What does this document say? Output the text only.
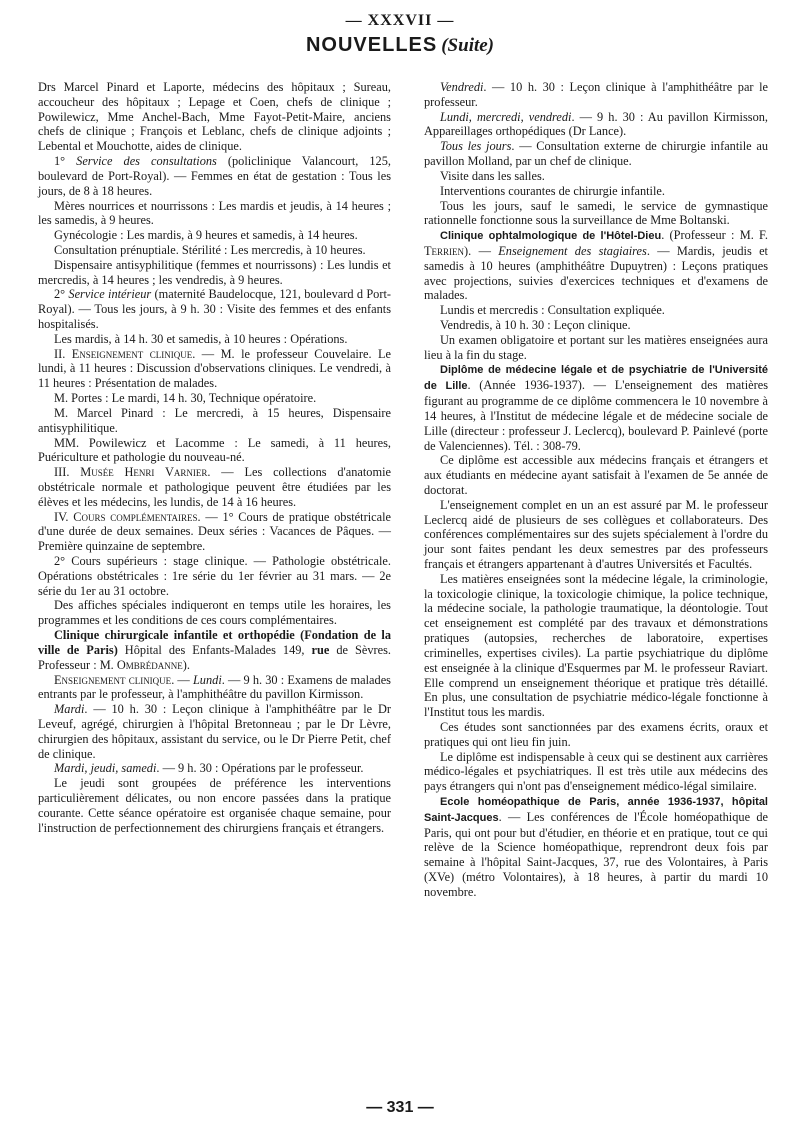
— XXXVII —
NOUVELLES (Suite)

Drs Marcel Pinard et Laporte, médecins des hôpitaux ; Sureau, accoucheur des hôpitaux ; Lepage et Coen, chefs de clinique ; Powilewicz, Mme Anchel-Bach, Mme Fayot-Petit-Maire, anciens chefs de clinique ; François et Leblanc, chefs de clinique adjoints ; Lebental et Mouchotte, aides de clinique.

1° Service des consultations (policlinique Valancourt, 125, boulevard de Port-Royal). — Femmes en état de gestation : Tous les jours, de 8 à 18 heures.

Mères nourrices et nourrissons : Les mardis et jeudis, à 14 heures ; les samedis, à 9 heures.

Gynécologie : Les mardis, à 9 heures et samedis, à 14 heures.

Consultation prénuptiale. Stérilité : Les mercredis, à 10 heures.

Dispensaire antisyphilitique (femmes et nourrissons) : Les lundis et mercredis, à 14 heures ; les vendredis, à 9 heures.

2° Service intérieur (maternité Baudelocque, 121, boulevard d Port-Royal). — Tous les jours, à 9 h. 30 : Visite des femmes et des enfants hospitalisés.

Les mardis, à 14 h. 30 et samedis, à 10 heures : Opérations.

II. Enseignement clinique. — M. le professeur Couvelaire. Le lundi, à 11 heures : Discussion d'observations cliniques. Le vendredi, à 11 heures : Présentation de malades.

M. Portes : Le mardi, 14 h. 30, Technique opératoire.

M. Marcel Pinard : Le mercredi, à 15 heures, Dispensaire antisyphilitique.

MM. Powilewicz et Lacomme : Le samedi, à 11 heures, Puériculture et pathologie du nouveau-né.

III. Musée Henri Varnier. — Les collections d'anatomie obstétricale normale et pathologique peuvent être étudiées par les élèves et les médecins, les lundis, de 14 à 16 heures.

IV. Cours complémentaires. — 1° Cours de pratique obstétricale d'une durée de deux semaines. Deux séries : Vacances de Pâques. — Première quinzaine de septembre.

2° Cours supérieurs : stage clinique. — Pathologie obstétricale. Opérations obstétricales : 1re série du 1er février au 31 mars. — 2e série du 1er au 31 octobre.

Des affiches spéciales indiqueront en temps utile les horaires, les programmes et les conditions de ces cours complémentaires.

Clinique chirurgicale infantile et orthopédie (Fondation de la ville de Paris) Hôpital des Enfants-Malades 149, rue de Sèvres. Professeur : M. Ombrédanne).

Enseignement clinique. — Lundi. — 9 h. 30 : Examens de malades entrants par le professeur, à l'amphithéâtre du pavillon Kirmisson.

Mardi. — 10 h. 30 : Leçon clinique à l'amphithéâtre par le Dr Leveuf, agrégé, chirurgien à l'hôpital Bretonneau ; par le Dr Lèvre, chirurgien des hôpitaux, assistant du service, ou le Dr Pierre Petit, chef de clinique.

Mardi, jeudi, samedi. — 9 h. 30 : Opérations par le professeur.

Le jeudi sont groupées de préférence les interventions particulièrement délicates, ou non encore passées dans la pratique courante. Cette séance opératoire est organisée chaque semaine, pour l'instruction de perfectionnement des chirurgiens français et étrangers.

Vendredi. — 10 h. 30 : Leçon clinique à l'amphithéâtre par le professeur.

Lundi, mercredi, vendredi. — 9 h. 30 : Au pavillon Kirmisson, Appareillages orthopédiques (Dr Lance).

Tous les jours. — Consultation externe de chirurgie infantile au pavillon Molland, par un chef de clinique.

Visite dans les salles.

Interventions courantes de chirurgie infantile.

Tous les jours, sauf le samedi, le service de gymnastique rationnelle fonctionne sous la surveillance de Mme Boltanski.

Clinique ophtalmologique de l'Hôtel-Dieu. (Professeur : M. F. Terrien). — Enseignement des stagiaires. — Mardis, jeudis et samedis à 10 heures (amphithéâtre Dupuytren) : Leçons pratiques avec projections, suivies d'exercices techniques et d'examens de malades.

Lundis et mercredis : Consultation expliquée.

Vendredis, à 10 h. 30 : Leçon clinique.

Un examen obligatoire et portant sur les matières enseignées aura lieu à la fin du stage.

Diplôme de médecine légale et de psychiatrie de l'Université de Lille. (Année 1936-1937). — L'enseignement des matières figurant au programme de ce diplôme commencera le 10 novembre à 14 heures, à l'Institut de médecine légale et de médecine sociale de Lille (directeur : professeur J. Leclercq), boulevard P. Painlevé (porte de Valenciennes). Tél. : 308-79.

Ce diplôme est accessible aux médecins français et étrangers et aux étudiants en médecine ayant satisfait à l'examen de 5e année de doctorat.

L'enseignement complet en un an est assuré par M. le professeur Leclercq aidé de plusieurs de ses collègues et collaborateurs. Des conférences complémentaires sur des sujets spécialement à l'ordre du jour sont faites pendant les deux semestres par des professeurs français et étrangers appartenant à d'autres Universités et Facultés.

Les matières enseignées sont la médecine légale, la criminologie, la toxicologie clinique, la toxicologie chimique, la police technique, la médecine sociale, la pathologie traumatique, la déontologie. Tout cet enseignement est complété par des travaux et démonstrations pratiques (autopsies, recherches de laboratoire, expertises criminelles, expertises civiles). La partie psychiatrique du diplôme est enseignée à la clinique d'Esquermes par M. le professeur Raviart. Elle comprend un enseignement théorique et pratique très détaillé. En plus, une consultation de psychiatrie médico-légale fonctionne à l'Institut tous les mardis.

Ces études sont sanctionnées par des examens écrits, oraux et pratiques qui ont lieu fin juin.

Le diplôme est indispensable à ceux qui se destinent aux carrières médico-légales et psychiatriques. Il est très utile aux médecins des pays étrangers qui n'ont pas d'enseignement médico-légal similaire.

Ecole homéopathique de Paris, année 1936-1937, hôpital Saint-Jacques. — Les conférences de l'École homéopathique de Paris, qui ont pour but d'étudier, en théorie et en pratique, tout ce qui relève de la Science homéopathique, reprendront deux fois par semaine à l'hôpital Saint-Jacques, 37, rue des Volontaires, à Paris (XVe) (métro Volontaires), à 18 heures, à partir du mardi 10 novembre.

— 331 —
